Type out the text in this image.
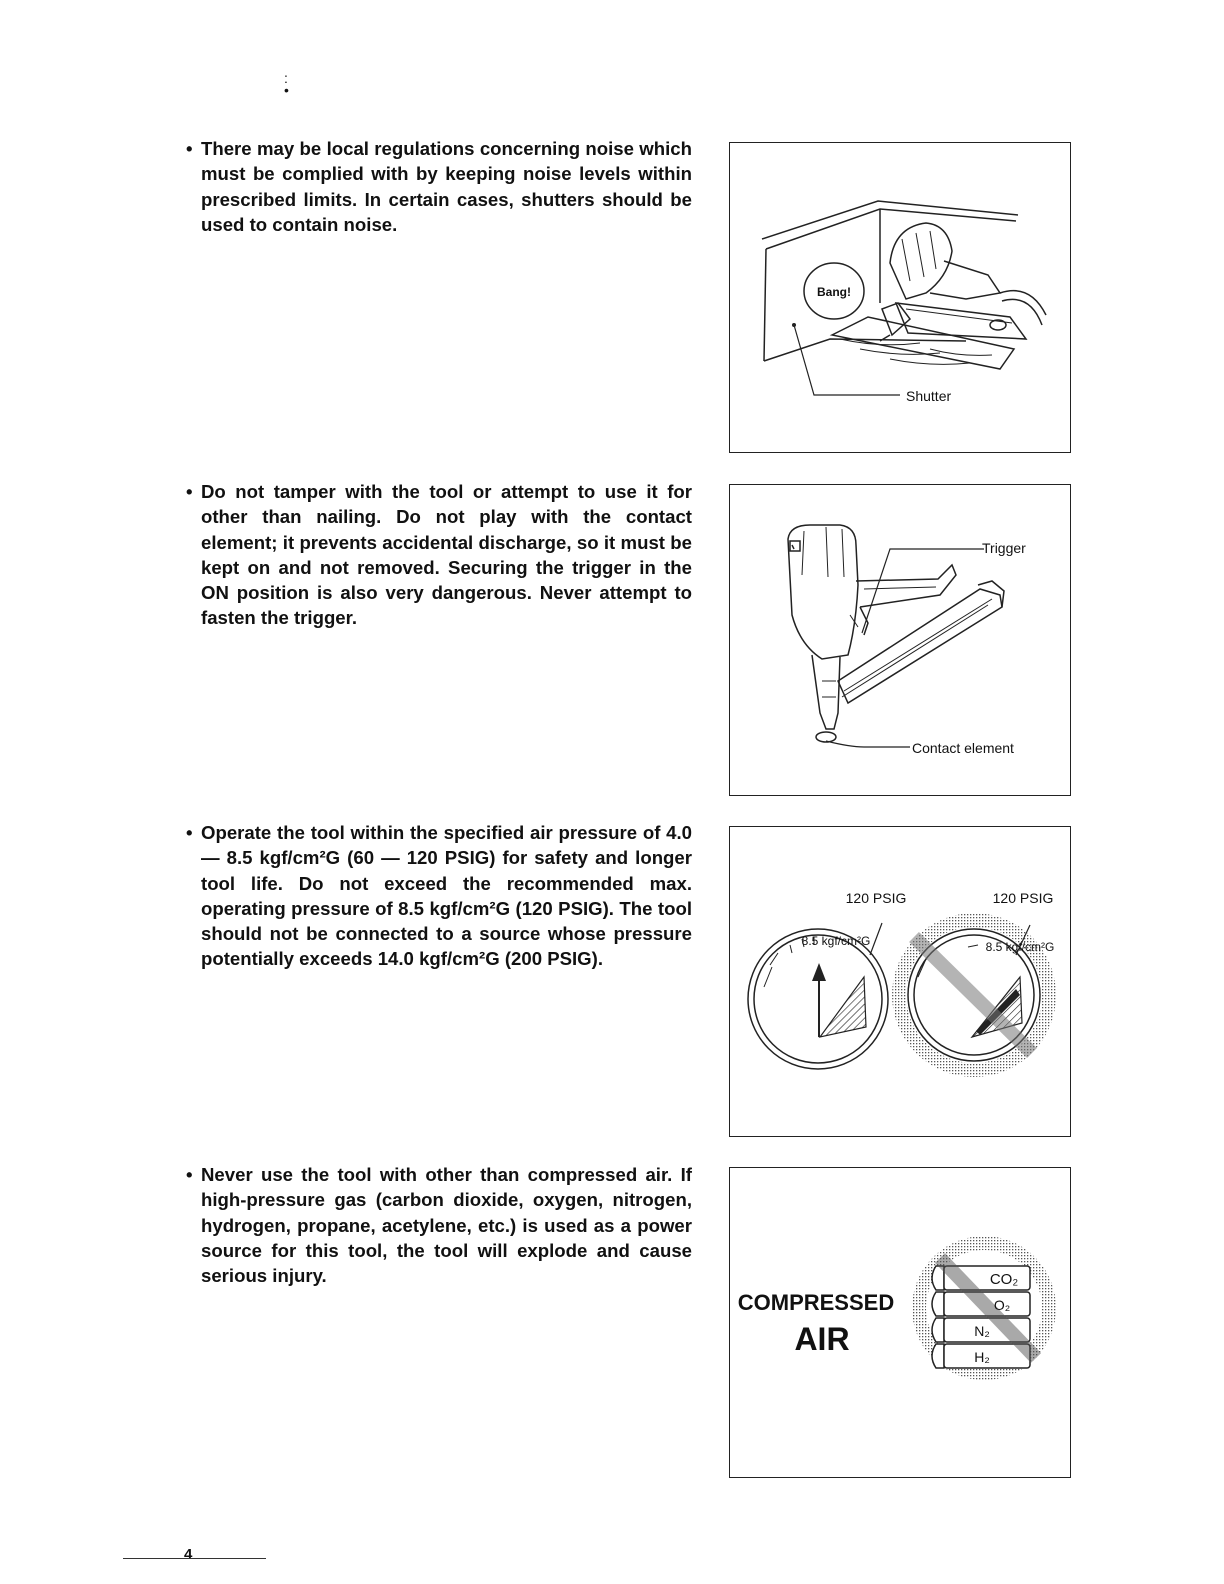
:
•
• There may be local regulations concerning noise which must be complied with by keeping noise levels within prescribed limits. In certain cases, shutters should be used to contain noise.
Bang!
Shutter
• Do not tamper with the tool or attempt to use it for other than nailing. Do not play with the contact element; it prevents accidental discharge, so it must be kept on and not removed. Securing the trigger in the ON position is also very dangerous. Never attempt to fasten the trigger.
Trigger
Contact element
• Operate the tool within the specified air pressure of 4.0 — 8.5 kgf/cm²G (60 — 120 PSIG) for safety and longer tool life. Do not exceed the recommended max. operating pressure of 8.5 kgf/cm²G (120 PSIG). The tool should not be connected to a source whose pressure potentially exceeds 14.0 kgf/cm²G (200 PSIG).
120 PSIG	120 PSIG
8.5 kgf/cm²G	8.5 kgf/cm²G
• Never use the tool with other than compressed air. If high-pressure gas (carbon dioxide, oxygen, nitrogen, hydrogen, propane, acetylene, etc.) is used as a power source for this tool, the tool will explode and cause serious injury.
COMPRESSED
AIR
CO₂
O₂
N₂
H₂
4
